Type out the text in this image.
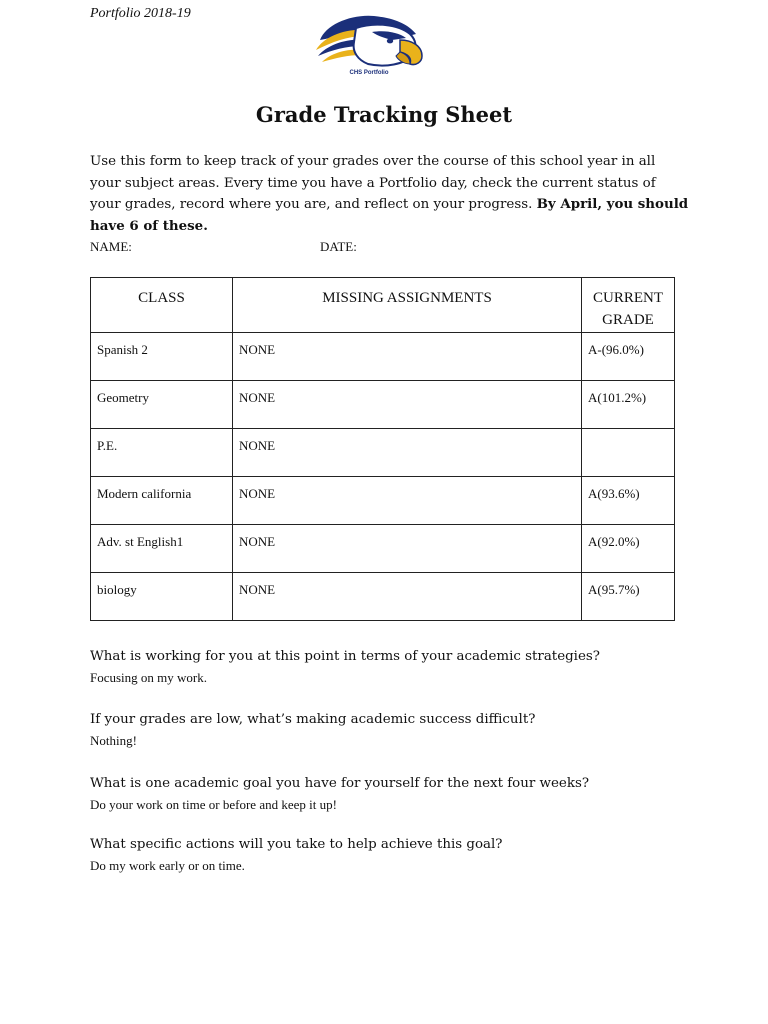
Portfolio 2018-19
CHS Portfolio
Grade Tracking Sheet
Use this form to keep track of your grades over the course of this school year in all your subject areas. Every time you have a Portfolio day, check the current status of your grades, record where you are, and reflect on your progress. By April, you should have 6 of these.
NAME:	DATE:
CLASS	MISSING ASSIGNMENTS	CURRENT
GRADE

Spanish 2	NONE	A-(96.0%)
Geometry	NONE	A(101.2%)
P.E.	NONE	
Modern california	NONE	A(93.6%)
Adv. st English1	NONE	A(92.0%)
biology	NONE	A(95.7%)
What is working for you at this point in terms of your academic strategies?
Focusing on my work.
If your grades are low, what’s making academic success difficult?
Nothing!
What is one academic goal you have for yourself for the next four weeks?
Do your work on time or before and keep it up!
What specific actions will you take to help achieve this goal?
Do my work early or on time.
